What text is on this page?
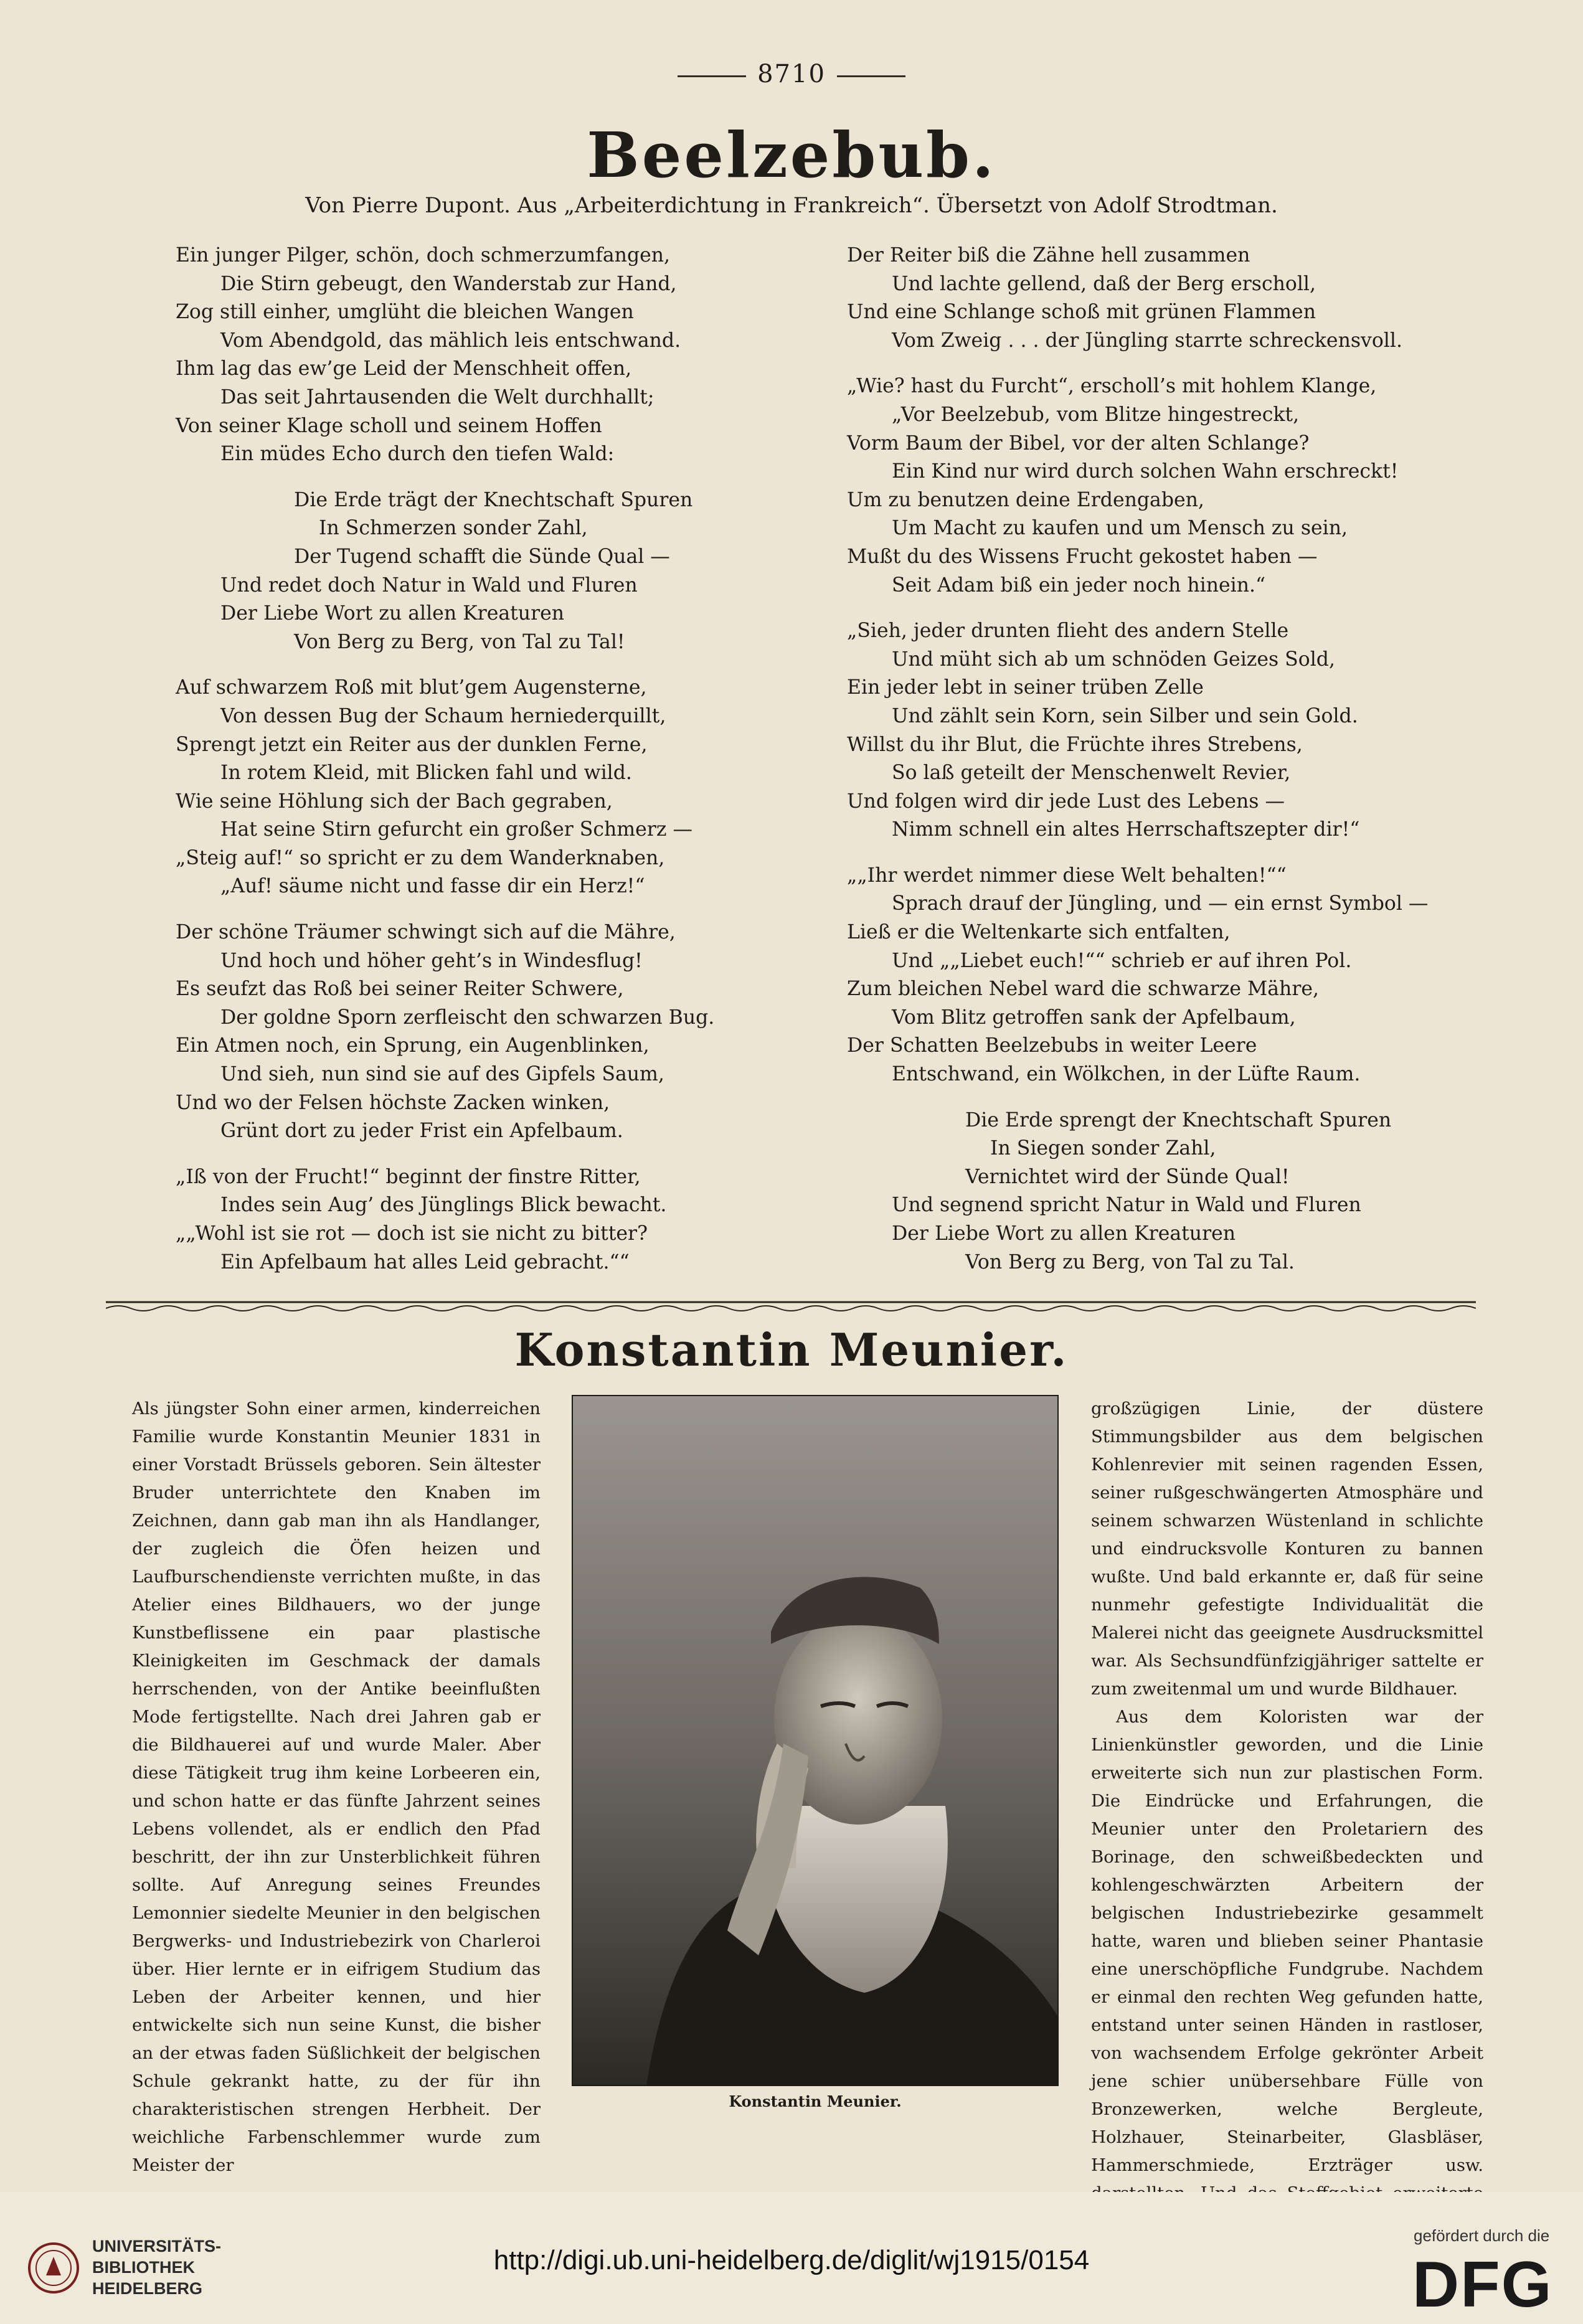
8710
Beelzebub.
Von Pierre Dupont. Aus „Arbeiterdichtung in Frankreich“. Übersetzt von Adolf Strodtman.
Ein junger Pilger, schön, doch schmerzumfangen,
Die Stirn gebeugt, den Wanderstab zur Hand,
Zog still einher, umglüht die bleichen Wangen
Vom Abendgold, das mählich leis entschwand.
Ihm lag das ew’ge Leid der Menschheit offen,
Das seit Jahrtausenden die Welt durchhallt;
Von seiner Klage scholl und seinem Hoffen
Ein müdes Echo durch den tiefen Wald:
Die Erde trägt der Knechtschaft Spuren
In Schmerzen sonder Zahl,
Der Tugend schafft die Sünde Qual —
Und redet doch Natur in Wald und Fluren
Der Liebe Wort zu allen Kreaturen
Von Berg zu Berg, von Tal zu Tal!
Auf schwarzem Roß mit blut’gem Augensterne,
Von dessen Bug der Schaum herniederquillt,
Sprengt jetzt ein Reiter aus der dunklen Ferne,
In rotem Kleid, mit Blicken fahl und wild.
Wie seine Höhlung sich der Bach gegraben,
Hat seine Stirn gefurcht ein großer Schmerz —
„Steig auf!“ so spricht er zu dem Wanderknaben,
„Auf! säume nicht und fasse dir ein Herz!“
Der schöne Träumer schwingt sich auf die Mähre,
Und hoch und höher geht’s in Windesflug!
Es seufzt das Roß bei seiner Reiter Schwere,
Der goldne Sporn zerfleischt den schwarzen Bug.
Ein Atmen noch, ein Sprung, ein Augenblinken,
Und sieh, nun sind sie auf des Gipfels Saum,
Und wo der Felsen höchste Zacken winken,
Grünt dort zu jeder Frist ein Apfelbaum.
„Iß von der Frucht!“ beginnt der finstre Ritter,
Indes sein Aug’ des Jünglings Blick bewacht.
„„Wohl ist sie rot — doch ist sie nicht zu bitter?
Ein Apfelbaum hat alles Leid gebracht.““
Der Reiter biß die Zähne hell zusammen
Und lachte gellend, daß der Berg erscholl,
Und eine Schlange schoß mit grünen Flammen
Vom Zweig . . . der Jüngling starrte schreckensvoll.
„Wie? hast du Furcht“, erscholl’s mit hohlem Klange,
„Vor Beelzebub, vom Blitze hingestreckt,
Vorm Baum der Bibel, vor der alten Schlange?
Ein Kind nur wird durch solchen Wahn erschreckt!
Um zu benutzen deine Erdengaben,
Um Macht zu kaufen und um Mensch zu sein,
Mußt du des Wissens Frucht gekostet haben —
Seit Adam biß ein jeder noch hinein.“
„Sieh, jeder drunten flieht des andern Stelle
Und müht sich ab um schnöden Geizes Sold,
Ein jeder lebt in seiner trüben Zelle
Und zählt sein Korn, sein Silber und sein Gold.
Willst du ihr Blut, die Früchte ihres Strebens,
So laß geteilt der Menschenwelt Revier,
Und folgen wird dir jede Lust des Lebens —
Nimm schnell ein altes Herrschaftszepter dir!“
„„Ihr werdet nimmer diese Welt behalten!““
Sprach drauf der Jüngling, und — ein ernst Symbol —
Ließ er die Weltenkarte sich entfalten,
Und „„Liebet euch!““ schrieb er auf ihren Pol.
Zum bleichen Nebel ward die schwarze Mähre,
Vom Blitz getroffen sank der Apfelbaum,
Der Schatten Beelzebubs in weiter Leere
Entschwand, ein Wölkchen, in der Lüfte Raum.
Die Erde sprengt der Knechtschaft Spuren
In Siegen sonder Zahl,
Vernichtet wird der Sünde Qual!
Und segnend spricht Natur in Wald und Fluren
Der Liebe Wort zu allen Kreaturen
Von Berg zu Berg, von Tal zu Tal.
Konstantin Meunier.

Als jüngster Sohn einer armen, kinderreichen Familie wurde Konstantin Meunier 1831 in einer Vorstadt Brüssels geboren. Sein ältester Bruder unterrichtete den Knaben im Zeichnen, dann gab man ihn als Handlanger, der zugleich die Öfen heizen und Laufburschendienste verrichten mußte, in das Atelier eines Bildhauers, wo der junge Kunstbeflissene ein paar plastische Kleinigkeiten im Geschmack der damals herrschenden, von der Antike beeinflußten Mode fertigstellte. Nach drei Jahren gab er die Bildhauerei auf und wurde Maler. Aber diese Tätigkeit trug ihm keine Lorbeeren ein, und schon hatte er das fünfte Jahrzent seines Lebens vollendet, als er endlich den Pfad beschritt, der ihn zur Unsterblichkeit führen sollte. Auf Anregung seines Freundes Lemonnier siedelte Meunier in den belgischen Bergwerks- und Industriebezirk von Charleroi über. Hier lernte er in eifrigem Studium das Leben der Arbeiter kennen, und hier entwickelte sich nun seine Kunst, die bisher an der etwas faden Süßlichkeit der belgischen Schule gekrankt hatte, zu der für ihn charakteristischen strengen Herbheit. Der weichliche Farbenschlemmer wurde zum Meister der

Konstantin Meunier.

großzügigen Linie, der düstere Stimmungsbilder aus dem belgischen Kohlenrevier mit seinen ragenden Essen, seiner rußgeschwängerten Atmosphäre und seinem schwarzen Wüstenland in schlichte und eindrucksvolle Konturen zu bannen wußte. Und bald erkannte er, daß für seine nunmehr gefestigte Individualität die Malerei nicht das geeignete Ausdrucksmittel war. Als Sechsundfünfzigjähriger sattelte er zum zweitenmal um und wurde Bildhauer.

Aus dem Koloristen war der Linienkünstler geworden, und die Linie erweiterte sich nun zur plastischen Form. Die Eindrücke und Erfahrungen, die Meunier unter den Proletariern des Borinage, den schweißbedeckten und kohlengeschwärzten Arbeitern der belgischen Industriebezirke gesammelt hatte, waren und blieben seiner Phantasie eine unerschöpfliche Fundgrube. Nachdem er einmal den rechten Weg gefunden hatte, entstand unter seinen Händen in rastloser, von wachsendem Erfolge gekrönter Arbeit jene schier unübersehbare Fülle von Bronzewerken, welche Bergleute, Holzhauer, Steinarbeiter, Glasbläser, Hammerschmiede, Erzträger usw.

UNIVERSITÄTS-
BIBLIOTHEK
HEIDELBERG
http://digi.ub.uni-heidelberg.de/diglit/wj1915/0154
gefördert durch die
DFG
